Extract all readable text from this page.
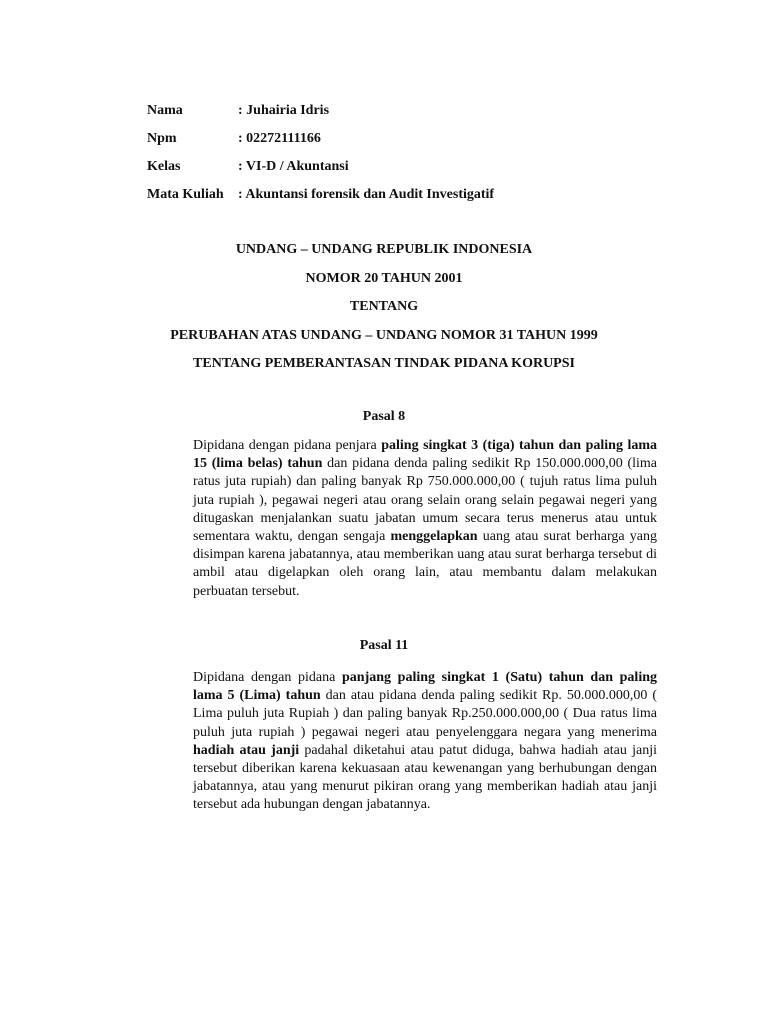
Nama	: Juhairia Idris
Npm	: 02272111166
Kelas	: VI-D / Akuntansi
Mata Kuliah	: Akuntansi forensik dan Audit Investigatif

UNDANG – UNDANG REPUBLIK INDONESIA

NOMOR 20 TAHUN 2001

TENTANG

PERUBAHAN ATAS UNDANG – UNDANG NOMOR 31 TAHUN 1999

TENTANG PEMBERANTASAN TINDAK PIDANA KORUPSI

Pasal 8

Dipidana dengan pidana penjara paling singkat 3 (tiga) tahun dan paling lama 15 (lima belas) tahun dan pidana denda paling sedikit Rp 150.000.000,00 (lima ratus juta rupiah) dan paling banyak Rp 750.000.000,00 ( tujuh ratus lima puluh juta rupiah ), pegawai negeri atau orang selain orang selain pegawai negeri yang ditugaskan menjalankan suatu jabatan umum secara terus menerus atau untuk sementara waktu, dengan sengaja menggelapkan uang atau surat berharga yang disimpan karena jabatannya, atau memberikan uang atau surat berharga tersebut di ambil atau digelapkan oleh orang lain, atau membantu dalam melakukan perbuatan tersebut.

Pasal 11

Dipidana dengan pidana panjang paling singkat 1 (Satu) tahun dan paling lama 5 (Lima) tahun dan atau pidana denda paling sedikit Rp. 50.000.000,00 ( Lima puluh juta Rupiah ) dan paling banyak Rp.250.000.000,00 ( Dua ratus lima puluh juta rupiah ) pegawai negeri atau penyelenggara negara yang menerima hadiah atau janji padahal diketahui atau patut diduga, bahwa hadiah atau janji tersebut diberikan karena kekuasaan atau kewenangan yang berhubungan dengan jabatannya, atau yang menurut pikiran orang yang memberikan hadiah atau janji tersebut ada hubungan dengan jabatannya.
